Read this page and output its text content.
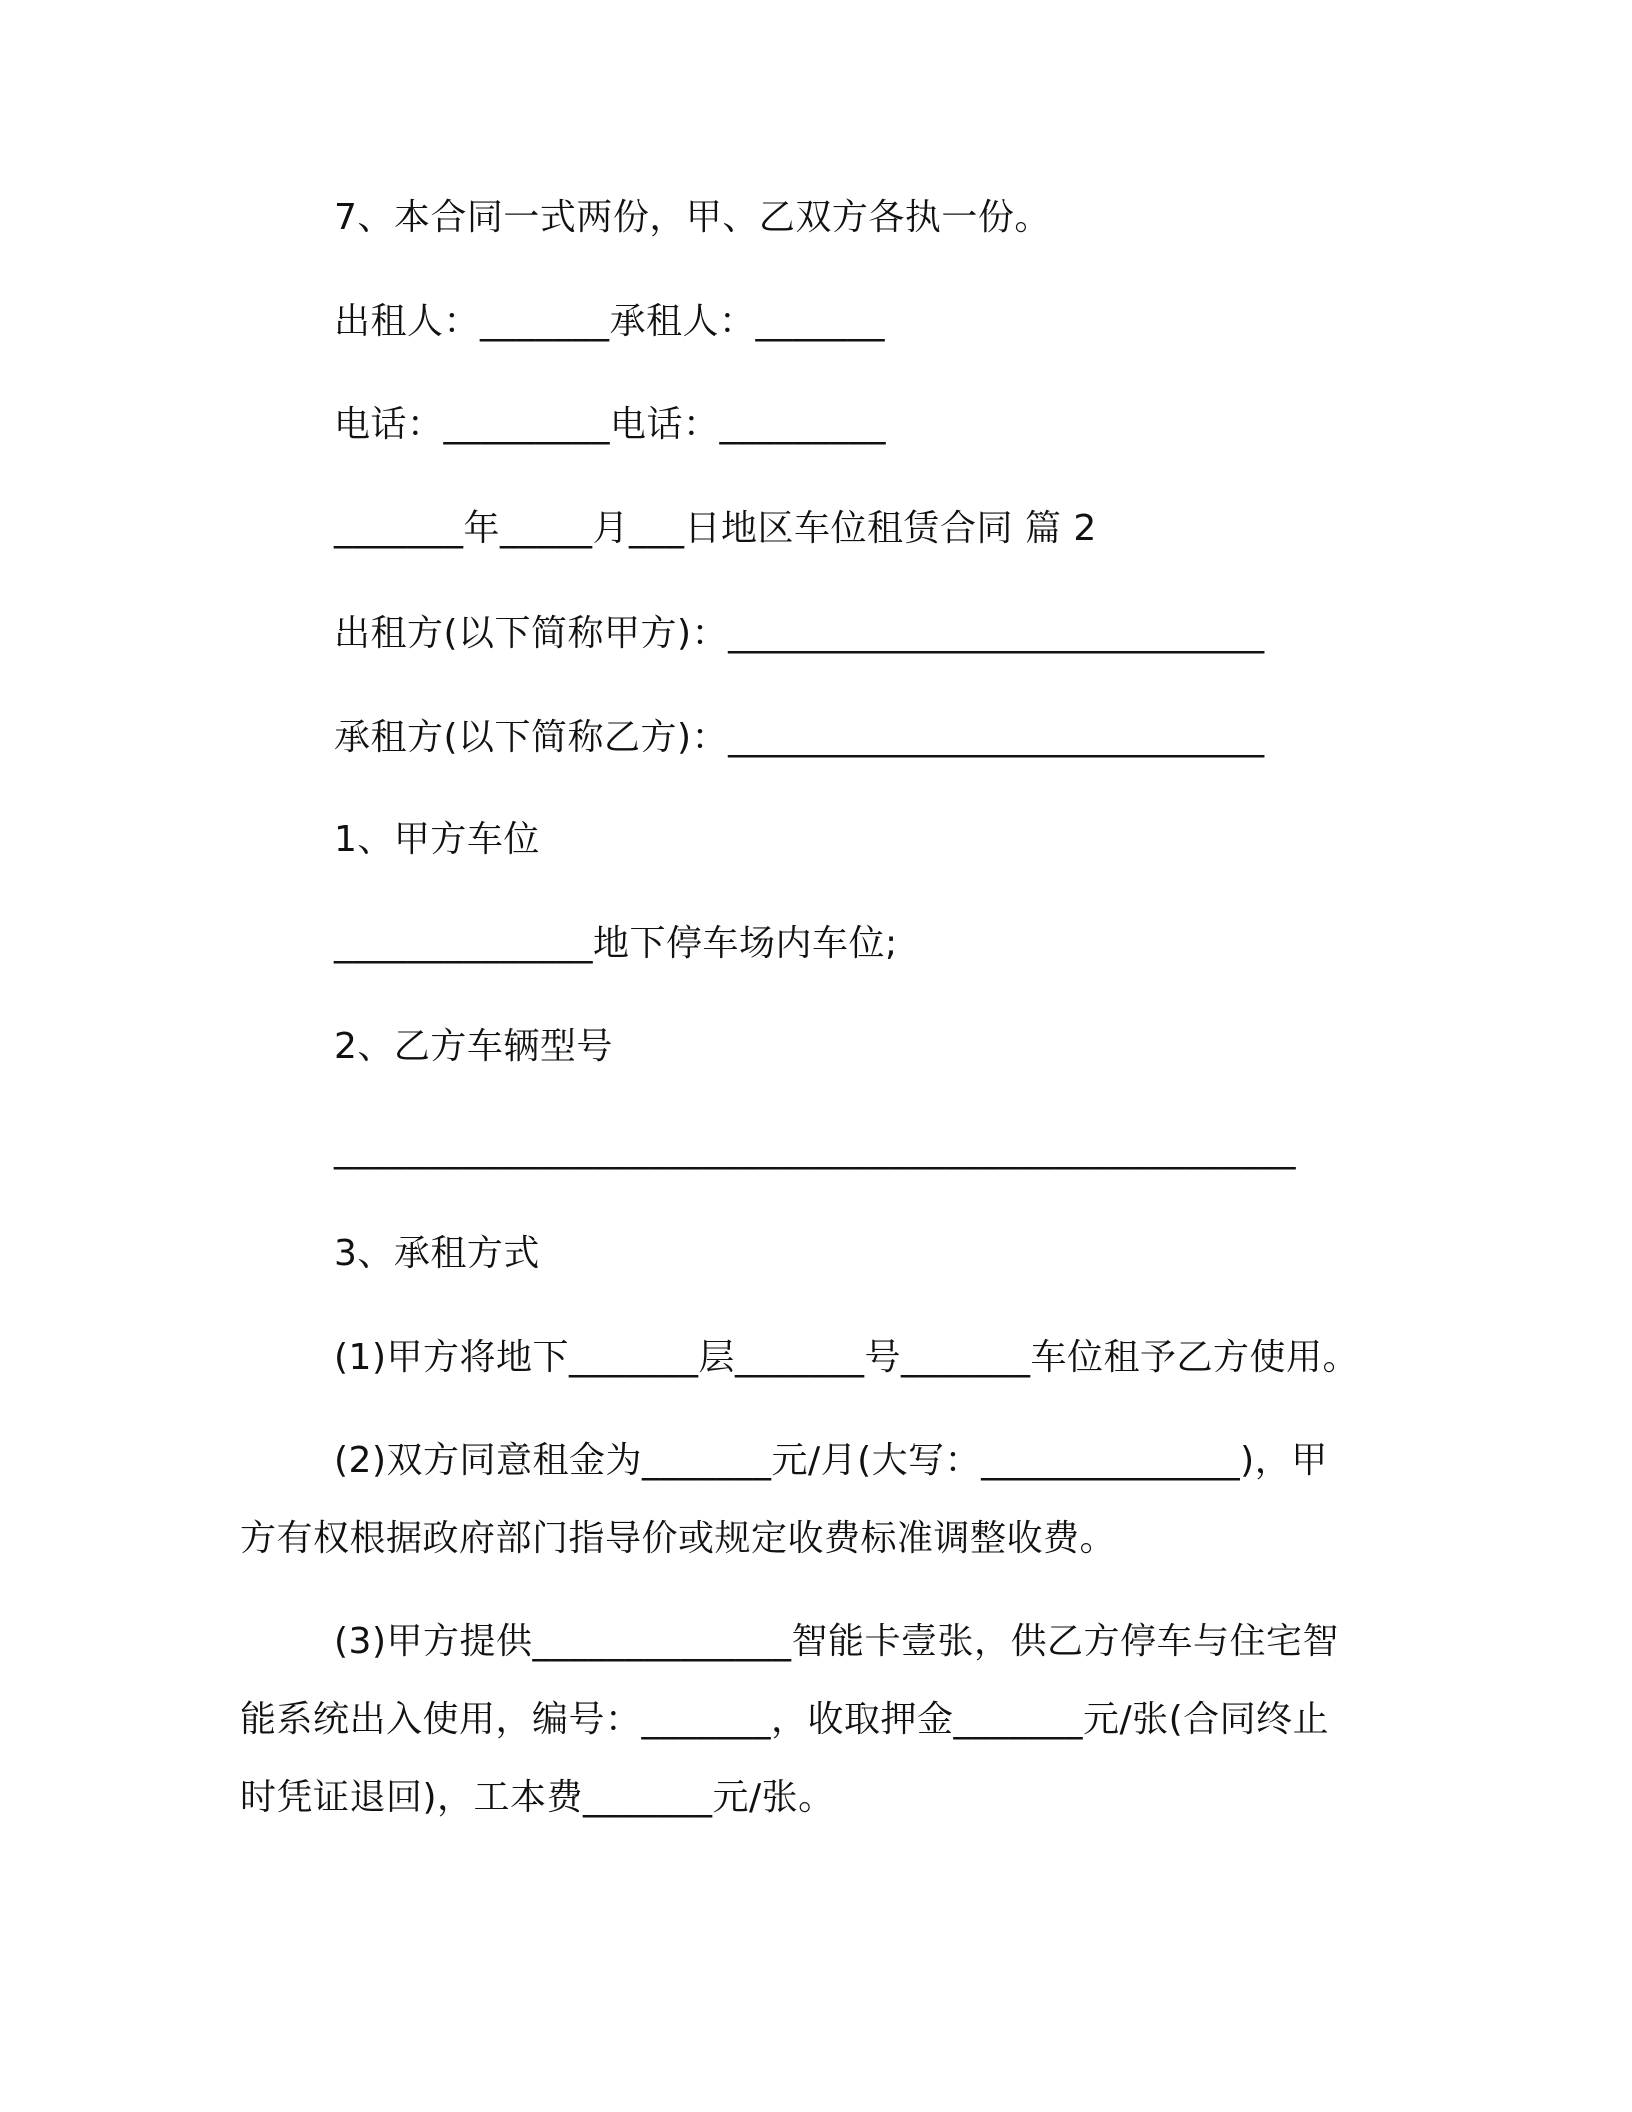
7、本合同一式两份，甲、乙双方各执一份。
出租人：_______承租人：_______
电话：_________电话：_________
_______年_____月___日地区车位租赁合同 篇 2
出租方(以下简称甲方)：_____________________________
承租方(以下简称乙方)：_____________________________
1、甲方车位
______________地下停车场内车位;
2、乙方车辆型号
____________________________________________________
3、承租方式
(1)甲方将地下_______层_______号_______车位租予乙方使用。
(2)双方同意租金为_______元/月(大写：______________)，甲
方有权根据政府部门指导价或规定收费标准调整收费。
(3)甲方提供______________智能卡壹张，供乙方停车与住宅智
能系统出入使用，编号：_______，收取押金_______元/张(合同终止
时凭证退回)，工本费_______元/张。
